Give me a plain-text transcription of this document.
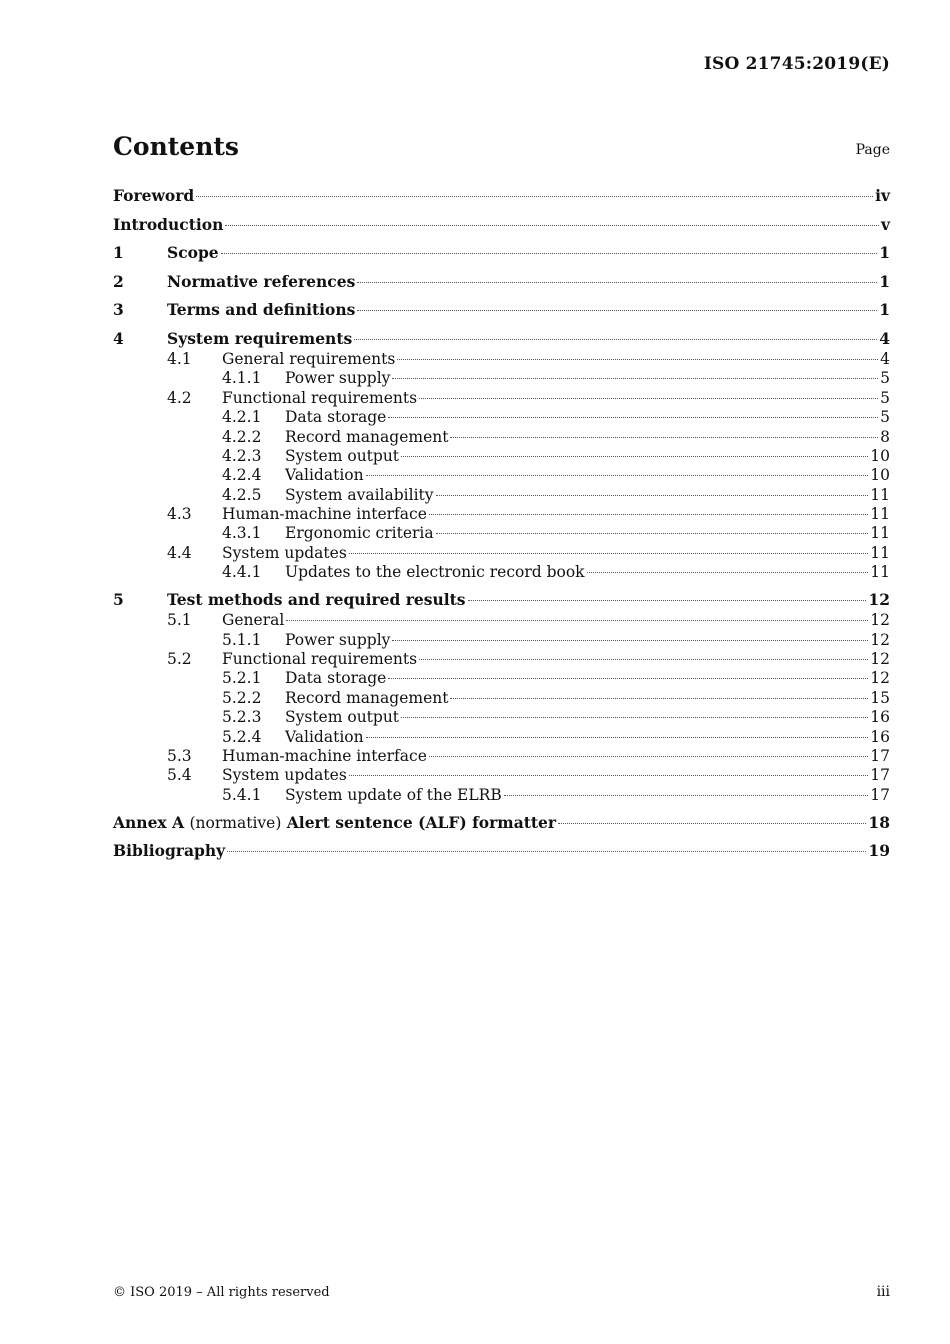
ISO 21745:2019(E)
Contents	Page
Foreword	iv
Introduction	v
1	Scope	1
2	Normative references	1
3	Terms and definitions	1
4	System requirements	4
4.1	General requirements	4
4.1.1	Power supply	5
4.2	Functional requirements	5
4.2.1	Data storage	5
4.2.2	Record management	8
4.2.3	System output	10
4.2.4	Validation	10
4.2.5	System availability	11
4.3	Human-machine interface	11
4.3.1	Ergonomic criteria	11
4.4	System updates	11
4.4.1	Updates to the electronic record book	11
5	Test methods and required results	12
5.1	General	12
5.1.1	Power supply	12
5.2	Functional requirements	12
5.2.1	Data storage	12
5.2.2	Record management	15
5.2.3	System output	16
5.2.4	Validation	16
5.3	Human-machine interface	17
5.4	System updates	17
5.4.1	System update of the ELRB	17
Annex A (normative) Alert sentence (ALF) formatter	18
Bibliography	19
© ISO 2019 – All rights reserved	iii
